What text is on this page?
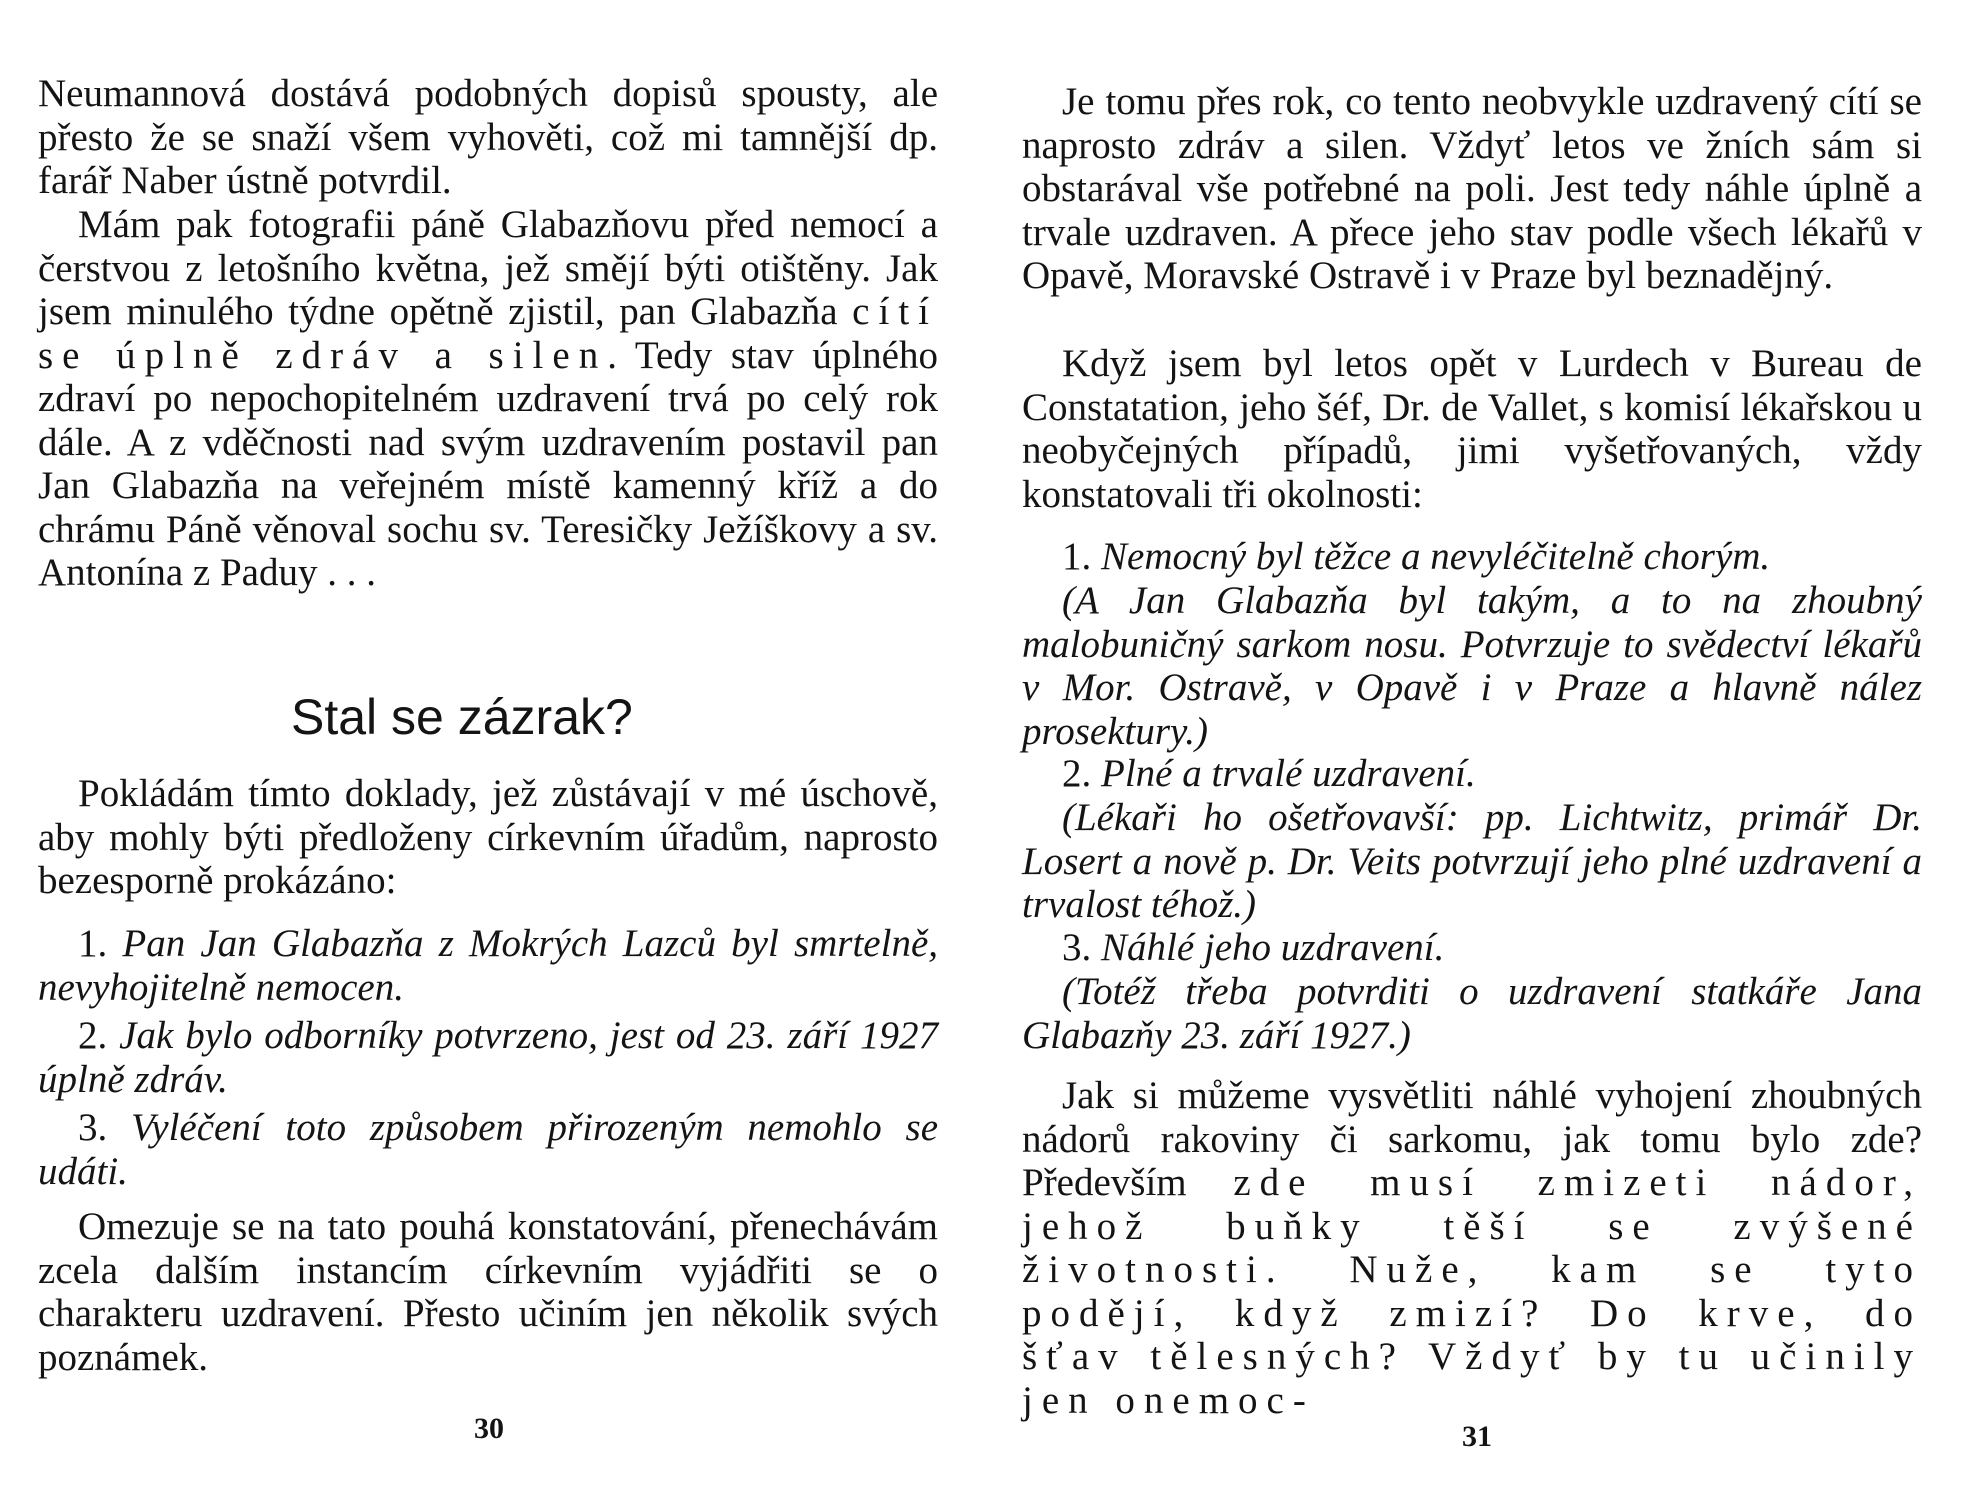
Neumannová dostává podobných dopisů spousty, ale přesto že se snaží všem vyhověti, což mi tamnější dp. farář Naber ústně potvrdil.

Mám pak fotografii páně Glabazňovu před nemocí a čerstvou z letošního května, jež smějí býti otištěny. Jak jsem minulého týdne opětně zjistil, pan Glabazňa cítí se úplně zdráv a silen. Tedy stav úplného zdraví po nepochopitelném uzdravení trvá po celý rok dále. A z vděčnosti nad svým uzdravením postavil pan Jan Glabazňa na veřejném místě kamenný kříž a do chrámu Páně věnoval sochu sv. Teresičky Ježíškovy a sv. Antonína z Paduy . . .

Stal se zázrak?

Pokládám tímto doklady, jež zůstávají v mé úschově, aby mohly býti předloženy církevním úřadům, naprosto bezesporně prokázáno:

1. Pan Jan Glabazňa z Mokrých Lazců byl smrtelně, nevyhojitelně nemocen.

2. Jak bylo odborníky potvrzeno, jest od 23. září 1927 úplně zdráv.

3. Vyléčení toto způsobem přirozeným nemohlo se udáti.

Omezuje se na tato pouhá konstatování, přenechávám zcela dalším instancím církevním vyjádřiti se o charakteru uzdravení. Přesto učiním jen několik svých poznámek.

30

Je tomu přes rok, co tento neobvykle uzdravený cítí se naprosto zdráv a silen. Vždyť letos ve žních sám si obstarával vše potřebné na poli. Jest tedy náhle úplně a trvale uzdraven. A přece jeho stav podle všech lékařů v Opavě, Moravské Ostravě i v Praze byl beznadějný.

Když jsem byl letos opět v Lurdech v Bureau de Constatation, jeho šéf, Dr. de Vallet, s komisí lékařskou u neobyčejných případů, jimi vyšetřovaných, vždy konstatovali tři okolnosti:

1. Nemocný byl těžce a nevyléčitelně chorým.

(A Jan Glabazňa byl takým, a to na zhoubný malobuničný sarkom nosu. Potvrzuje to svědectví lékařů v Mor. Ostravě, v Opavě i v Praze a hlavně nález prosektury.)

2. Plné a trvalé uzdravení.

(Lékaři ho ošetřovavší: pp. Lichtwitz, primář Dr. Losert a nově p. Dr. Veits potvrzují jeho plné uzdravení a trvalost téhož.)

3. Náhlé jeho uzdravení.

(Totéž třeba potvrditi o uzdravení statkáře Jana Glabazňy 23. září 1927.)

Jak si můžeme vysvětliti náhlé vyhojení zhoubných nádorů rakoviny či sarkomu, jak tomu bylo zde? Především zde musí zmizeti nádor, jehož buňky těší se zvýšené životnosti. Nuže, kam se tyto podějí, když zmizí? Do krve, do šťav tělesných? Vždyť by tu učinily jen onemoc-

31
